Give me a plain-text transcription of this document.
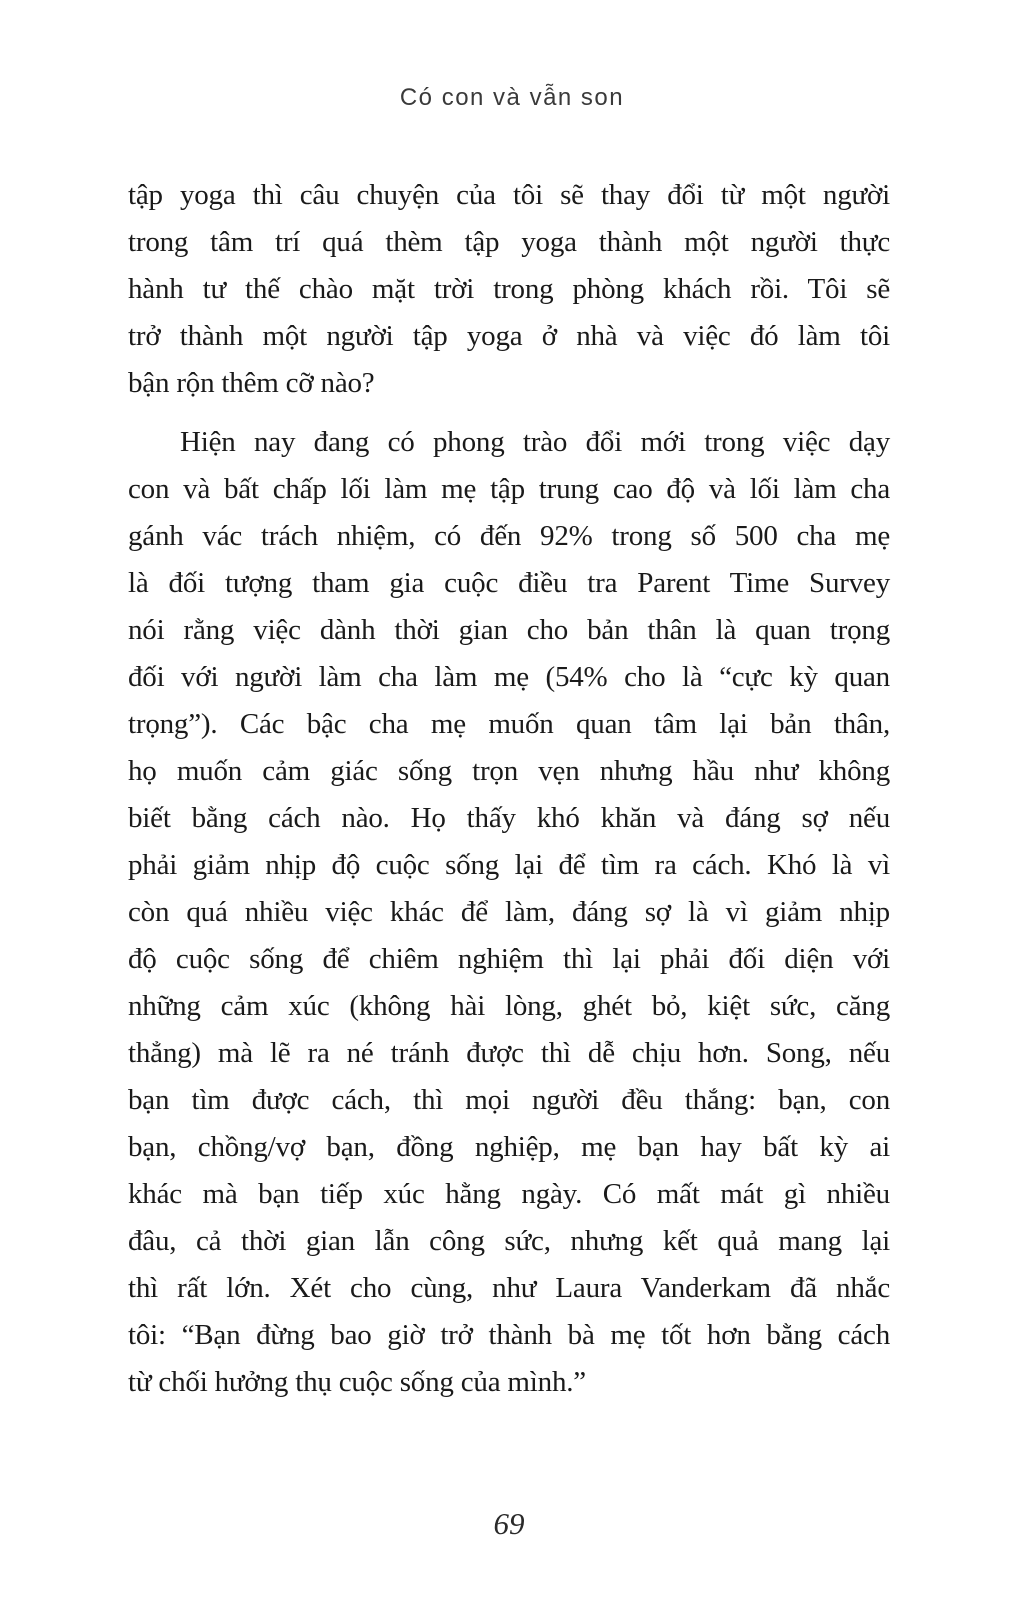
Có con và vẫn son
tập yoga thì câu chuyện của tôi sẽ thay đổi từ một người
trong tâm trí quá thèm tập yoga thành một người thực
hành tư thế chào mặt trời trong phòng khách rồi. Tôi sẽ
trở thành một người tập yoga ở nhà và việc đó làm tôi
bận rộn thêm cỡ nào?
Hiện nay đang có phong trào đổi mới trong việc dạy
con và bất chấp lối làm mẹ tập trung cao độ và lối làm cha
gánh vác trách nhiệm, có đến 92% trong số 500 cha mẹ
là đối tượng tham gia cuộc điều tra Parent Time Survey
nói rằng việc dành thời gian cho bản thân là quan trọng
đối với người làm cha làm mẹ (54% cho là “cực kỳ quan
trọng”). Các bậc cha mẹ muốn quan tâm lại bản thân,
họ muốn cảm giác sống trọn vẹn nhưng hầu như không
biết bằng cách nào. Họ thấy khó khăn và đáng sợ nếu
phải giảm nhịp độ cuộc sống lại để tìm ra cách. Khó là vì
còn quá nhiều việc khác để làm, đáng sợ là vì giảm nhịp
độ cuộc sống để chiêm nghiệm thì lại phải đối diện với
những cảm xúc (không hài lòng, ghét bỏ, kiệt sức, căng
thẳng) mà lẽ ra né tránh được thì dễ chịu hơn. Song, nếu
bạn tìm được cách, thì mọi người đều thắng: bạn, con
bạn, chồng/vợ bạn, đồng nghiệp, mẹ bạn hay bất kỳ ai
khác mà bạn tiếp xúc hằng ngày. Có mất mát gì nhiều
đâu, cả thời gian lẫn công sức, nhưng kết quả mang lại
thì rất lớn. Xét cho cùng, như Laura Vanderkam đã nhắc
tôi: “Bạn đừng bao giờ trở thành bà mẹ tốt hơn bằng cách
từ chối hưởng thụ cuộc sống của mình.”
69
